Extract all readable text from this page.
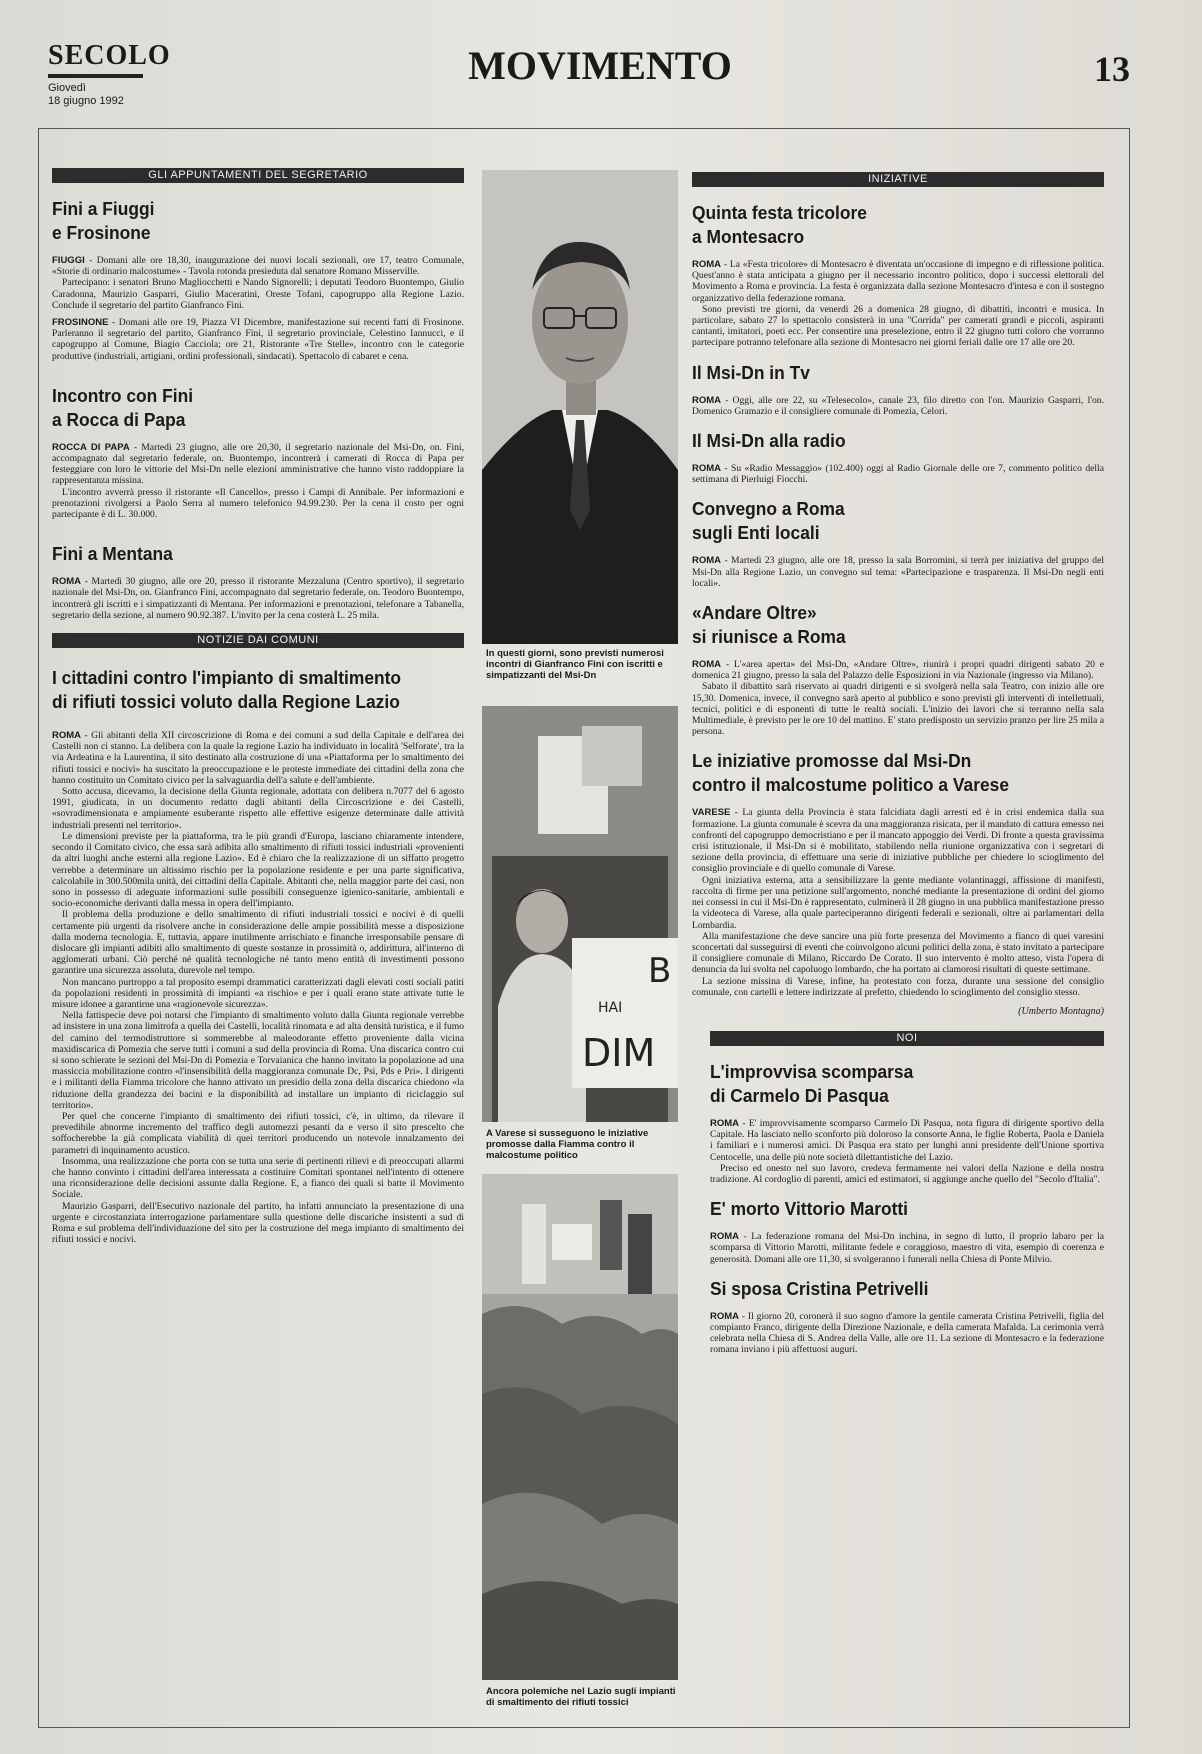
SECOLO
Giovedì
18 giugno 1992
MOVIMENTO	13
GLI APPUNTAMENTI DEL SEGRETARIO
Fini a Fiuggi
e Frosinone

FIUGGI - Domani alle ore 18,30, inaugurazione dei nuovi locali sezionali, ore 17, teatro Comunale, «Storie di ordinario malcostume» - Tavola rotonda presieduta dal senatore Romano Misserville.

Partecipano: i senatori Bruno Magliocchetti e Nando Signorelli; i deputati Teodoro Buontempo, Giulio Caradonna, Maurizio Gasparri, Giulio Maceratini, Oreste Tofani, capogruppo alla Regione Lazio. Conclude il segretario del partito Gianfranco Fini.

FROSINONE - Domani alle ore 19, Piazza VI Dicembre, manifestazione sui recenti fatti di Frosinone. Parleranno il segretario del partito, Gianfranco Fini, il segretario provinciale, Celestino Iannucci, e il capogruppo al Comune, Biagio Cacciola; ore 21, Ristorante «Tre Stelle», incontro con le categorie produttive (industriali, artigiani, ordini professionali, sindacati). Spettacolo di cabaret e cena.

Incontro con Fini
a Rocca di Papa

ROCCA DI PAPA - Martedì 23 giugno, alle ore 20,30, il segretario nazionale del Msi-Dn, on. Fini, accompagnato dal segretario federale, on. Buontempo, incontrerà i camerati di Rocca di Papa per festeggiare con loro le vittorie del Msi-Dn nelle elezioni amministrative che hanno visto raddoppiare la rappresentanza missina.

L'incontro avverrà presso il ristorante «Il Cancello», presso i Campi di Annibale. Per informazioni e prenotazioni rivolgersi a Paolo Serra al numero telefonico 94.99.230. Per la cena il costo per ogni partecipante è di L. 30.000.

Fini a Mentana

ROMA - Martedì 30 giugno, alle ore 20, presso il ristorante Mezzaluna (Centro sportivo), il segretario nazionale del Msi-Dn, on. Gianfranco Fini, accompagnato dal segretario federale, on. Teodoro Buontempo, incontrerà gli iscritti e i simpatizzanti di Mentana. Per informazioni e prenotazioni, telefonare a Tabanella, segretario della sezione, al numero 90.92.387. L'invito per la cena costerà L. 25 mila.

NOTIZIE DAI COMUNI
I cittadini contro l'impianto di smaltimento
di rifiuti tossici voluto dalla Regione Lazio

ROMA - Gli abitanti della XII circoscrizione di Roma e dei comuni a sud della Capitale e dell'area dei Castelli non ci stanno. La delibera con la quale la regione Lazio ha individuato in località 'Selforate', tra la via Ardeatina e la Laurentina, il sito destinato alla costruzione di una «Piattaforma per lo smaltimento dei rifiuti tossici e nocivi» ha suscitato la preoccupazione e le proteste immediate dei cittadini della zona che hanno costituito un Comitato civico per la salvaguardia dell'a salute e dell'ambiente.

Sotto accusa, dicevamo, la decisione della Giunta regionale, adottata con delibera n.7077 del 6 agosto 1991, giudicata, in un documento redatto dagli abitanti della Circoscrizione e dei Castelli, «sovradimensionata e ampiamente esuberante rispetto alle effettive esigenze determinate dalle attività industriali presenti nel territorio».

Le dimensioni previste per la piattaforma, tra le più grandi d'Europa, lasciano chiaramente intendere, secondo il Comitato civico, che essa sarà adibita allo smaltimento di rifiuti tossici industriali «provenienti da altri luoghi anche esterni alla regione Lazio». Ed è chiaro che la realizzazione di un siffatto progetto verrebbe a determinare un altissimo rischio per la popolazione residente e per una parte significativa, calcolabile in 300.500mila unità, dei cittadini della Capitale. Abitanti che, nella maggior parte dei casi, non sono in possesso di adeguate informazioni sulle possibili conseguenze igienico-sanitarie, ambientali e socio-economiche derivanti dalla messa in opera dell'impianto.

Il problema della produzione e dello smaltimento di rifiuti industriali tossici e nocivi è di quelli certamente più urgenti da risolvere anche in considerazione delle ampie possibilità messe a disposizione dalla moderna tecnologia. E, tuttavia, appare inutilmente arrischiato e finanche irresponsabile pensare di dislocare gli impianti adibiti allo smaltimento di queste sostanze in prossimità o, addirittura, all'interno di agglomerati urbani. Ciò perché né qualità tecnologiche né tanto meno entità di investimenti possono garantire una sicurezza assoluta, durevole nel tempo.

Non mancano purtroppo a tal proposito esempi drammatici caratterizzati dagli elevati costi sociali patiti da popolazioni residenti in prossimità di impianti «a rischio» e per i quali erano state attivate tutte le misure idonee a garantirne una «ragionevole sicurezza».

Nella fattispecie deve poi notarsi che l'impianto di smaltimento voluto dalla Giunta regionale verrebbe ad insistere in una zona limitrofa a quella dei Castelli, località rinomata e ad alta densità turistica, e il fumo del camino del termodistruttore si sommerebbe al maleodorante effetto proveniente dalla vicina maxidiscarica di Pomezia che serve tutti i comuni a sud della provincia di Roma. Una discarica contro cui si sono schierate le sezioni del Msi-Dn di Pomezia e Torvaianica che hanno invitato la popolazione ad una massiccia mobilitazione contro «l'insensibilità della maggioranza comunale Dc, Psi, Pds e Pri». I dirigenti e i militanti della Fiamma tricolore che hanno attivato un presidio della zona della discarica chiedono «la riduzione della grandezza dei bacini e la disponibilità ad installare un impianto di riciclaggio sul territorio».

Per quel che concerne l'impianto di smaltimento dei rifiuti tossici, c'è, in ultimo, da rilevare il prevedibile abnorme incremento del traffico degli automezzi pesanti da e verso il sito prescelto che soffocherebbe la già complicata viabilità di quei territori producendo un notevole innalzamento dei parametri di inquinamento acustico.

Insomma, una realizzazione che porta con se tutta una serie di pertinenti rilievi e di preoccupati allarmi che hanno convinto i cittadini dell'area interessata a costituire Comitati spontanei nell'intento di ottenere una riconsiderazione delle decisioni assunte dalla Regione. E, a fianco dei quali si batte il Movimento Sociale.

Maurizio Gasparri, dell'Esecutivo nazionale del partito, ha infatti annunciato la presentazione di una urgente e circostanziata interrogazione parlamentare sulla questione delle discariche insistenti a sud di Roma e sul problema dell'individuazione del sito per la costruzione del mega impianto di smaltimento dei rifiuti tossici e nocivi.

In questi giorni, sono previsti numerosi incontri di Gianfranco Fini con iscritti e simpatizzanti del Msi-Dn
B
HAI
DIM
A Varese si susseguono le iniziative promosse dalla Fiamma contro il malcostume politico
Ancora polemiche nel Lazio sugli impianti di smaltimento dei rifiuti tossici
INIZIATIVE
Quinta festa tricolore
a Montesacro

ROMA - La «Festa tricolore» di Montesacro è diventata un'occasione di impegno e di riflessione politica. Quest'anno è stata anticipata a giugno per il necessario incontro politico, dopo i successi elettorali del Movimento a Roma e provincia. La festa è organizzata dalla sezione Montesacro d'intesa e con il sostegno organizzativo della federazione romana.

Sono previsti tre giorni, da venerdì 26 a domenica 28 giugno, di dibattiti, incontri e musica. In particolare, sabato 27 lo spettacolo consisterà in una "Corrida" per camerati grandi e piccoli, aspiranti cantanti, imitatori, poeti ecc. Per consentire una preselezione, entro il 22 giugno tutti coloro che vorranno partecipare potranno telefonare alla sezione di Montesacro nei giorni feriali dalle ore 17 alle ore 20.

Il Msi-Dn in Tv

ROMA - Oggi, alle ore 22, su «Telesecolo», canale 23, filo diretto con l'on. Maurizio Gasparri, l'on. Domenico Gramazio e il consigliere comunale di Pomezia, Celori.

Il Msi-Dn alla radio

ROMA - Su «Radio Messaggio» (102.400) oggi al Radio Giornale delle ore 7, commento politico della settimana di Pierluigi Fiocchi.

Convegno a Roma
sugli Enti locali

ROMA - Martedì 23 giugno, alle ore 18, presso la sala Borromini, si terrà per iniziativa del gruppo del Msi-Dn alla Regione Lazio, un convegno sul tema: «Partecipazione e trasparenza. Il Msi-Dn negli enti locali».

«Andare Oltre»
si riunisce a Roma

ROMA - L'«area aperta» del Msi-Dn, «Andare Oltre», riunirà i propri quadri dirigenti sabato 20 e domenica 21 giugno, presso la sala del Palazzo delle Esposizioni in via Nazionale (ingresso via Milano).

Sabato il dibattito sarà riservato ai quadri dirigenti e si svolgerà nella sala Teatro, con inizio alle ore 15,30. Domenica, invece, il convegno sarà aperto al pubblico e sono previsti gli interventi di intellettuali, tecnici, politici e di esponenti di tutte le realtà sociali. L'inizio dei lavori che si terranno nella sala Multimediale, è previsto per le ore 10 del mattino. E' stato predisposto un servizio pranzo per lire 25 mila a persona.

Le iniziative promosse dal Msi-Dn
contro il malcostume politico a Varese

VARESE - La giunta della Provincia è stata falcidiata dagli arresti ed è in crisi endemica dalla sua formazione. La giunta comunale è scevra da una maggioranza risicata, per il mandato di cattura emesso nei confronti del capogruppo democristiano e per il mancato appoggio dei Verdi. Di fronte a questa gravissima crisi istituzionale, il Msi-Dn si è mobilitato, stabilendo nella riunione organizzativa con i segretari di sezione della provincia, di effettuare una serie di iniziative pubbliche per chiedere lo scioglimento del consiglio provinciale e di quello comunale di Varese.

Ogni iniziativa esterna, atta a sensibilizzare la gente mediante volantinaggi, affissione di manifesti, raccolta di firme per una petizione sull'argomento, nonché mediante la presentazione di ordini del giorno nei consessi in cui il Msi-Dn è rappresentato, culminerà il 28 giugno in una pubblica manifestazione presso la videoteca di Varese, alla quale parteciperanno dirigenti federali e sezionali, oltre ai parlamentari della Lombardia.

Alla manifestazione che deve sancire una più forte presenza del Movimento a fianco di quei varesini sconcertati dal susseguirsi di eventi che coinvolgono alcuni politici della zona, è stato invitato a partecipare il consigliere comunale di Milano, Riccardo De Corato. Il suo intervento è molto atteso, vista l'opera di denuncia da lui svolta nel capoluogo lombardo, che ha portato ai clamorosi risultati di queste settimane.

La sezione missina di Varese, infine, ha protestato con forza, durante una sessione del consiglio comunale, con cartelli e lettere indirizzate al prefetto, chiedendo lo scioglimento del consiglio stesso.

(Umberto Montagna)
NOI
L'improvvisa scomparsa
di Carmelo Di Pasqua

ROMA - E' improvvisamente scomparso Carmelo Di Pasqua, nota figura di dirigente sportivo della Capitale. Ha lasciato nello sconforto più doloroso la consorte Anna, le figlie Roberta, Paola e Daniela i familiari e i numerosi amici. Di Pasqua era stato per lunghi anni presidente dell'Unione sportiva Centocelle, una delle più note società dilettantistiche del Lazio.

Preciso ed onesto nel suo lavoro, credeva fermamente nei valori della Nazione e della nostra tradizione. Al cordoglio di parenti, amici ed estimatori, si aggiunge anche quello del "Secolo d'Italia".

E' morto Vittorio Marotti

ROMA - La federazione romana del Msi-Dn inchina, in segno di lutto, il proprio labaro per la scomparsa di Vittorio Marotti, militante fedele e coraggioso, maestro di vita, esempio di coerenza e generosità. Domani alle ore 11,30, si svolgeranno i funerali nella Chiesa di Ponte Milvio.

Si sposa Cristina Petrivelli

ROMA - Il giorno 20, coronerà il suo sogno d'amore la gentile camerata Cristina Petrivelli, figlia del compianto Franco, dirigente della Direzione Nazionale, e della camerata Mafalda. La cerimonia verrà celebrata nella Chiesa di S. Andrea della Valle, alle ore 11. La sezione di Montesacro e la federazione romana inviano i più affettuosi auguri.
